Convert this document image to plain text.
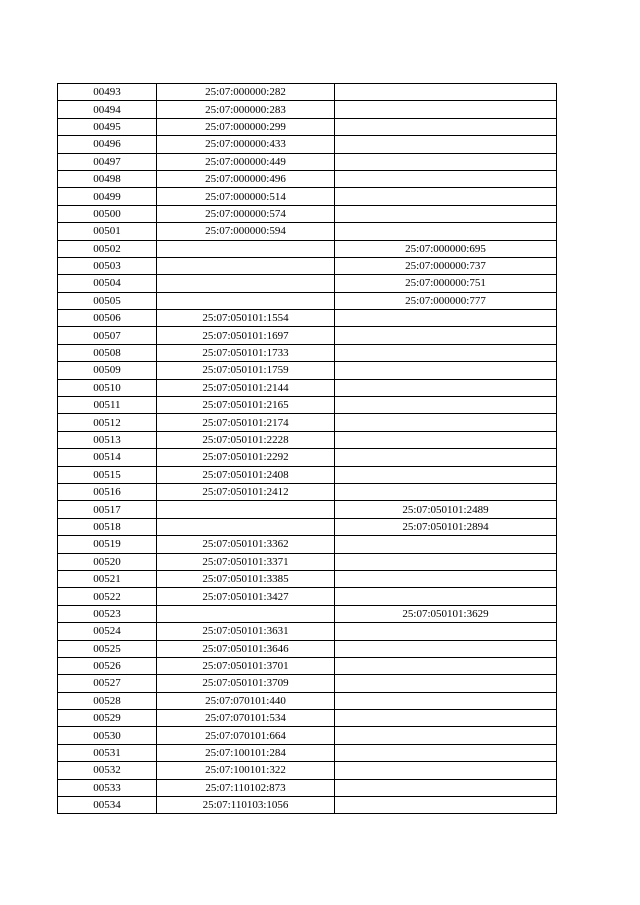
00493	25:07:000000:282	
00494	25:07:000000:283	
00495	25:07:000000:299	
00496	25:07:000000:433	
00497	25:07:000000:449	
00498	25:07:000000:496	
00499	25:07:000000:514	
00500	25:07:000000:574	
00501	25:07:000000:594	
00502		25:07:000000:695
00503		25:07:000000:737
00504		25:07:000000:751
00505		25:07:000000:777
00506	25:07:050101:1554	
00507	25:07:050101:1697	
00508	25:07:050101:1733	
00509	25:07:050101:1759	
00510	25:07:050101:2144	
00511	25:07:050101:2165	
00512	25:07:050101:2174	
00513	25:07:050101:2228	
00514	25:07:050101:2292	
00515	25:07:050101:2408	
00516	25:07:050101:2412	
00517		25:07:050101:2489
00518		25:07:050101:2894
00519	25:07:050101:3362	
00520	25:07:050101:3371	
00521	25:07:050101:3385	
00522	25:07:050101:3427	
00523		25:07:050101:3629
00524	25:07:050101:3631	
00525	25:07:050101:3646	
00526	25:07:050101:3701	
00527	25:07:050101:3709	
00528	25:07:070101:440	
00529	25:07:070101:534	
00530	25:07:070101:664	
00531	25:07:100101:284	
00532	25:07:100101:322	
00533	25:07:110102:873	
00534	25:07:110103:1056	
